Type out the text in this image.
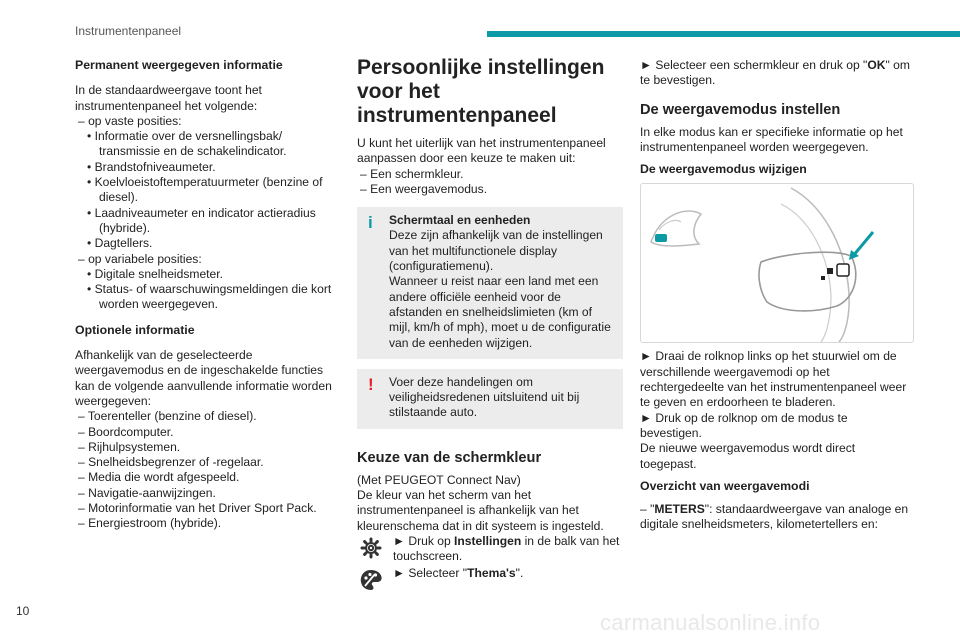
Instrumentenpaneel

Permanent weergegeven informatie

In de standaardweergave toont het instrumentenpaneel het volgende:

– op vaste posities:

• Informatie over de versnellingsbak/ transmissie en de schakelindicator.

• Brandstofniveaumeter.

• Koelvloeistoftemperatuurmeter (benzine of diesel).

• Laadniveaumeter en indicator actieradius (hybride).

• Dagtellers.

– op variabele posities:

• Digitale snelheidsmeter.

• Status- of waarschuwingsmeldingen die kort worden weergegeven.

Optionele informatie

Afhankelijk van de geselecteerde weergavemodus en de ingeschakelde functies kan de volgende aanvullende informatie worden weergegeven:

– Toerenteller (benzine of diesel).

– Boordcomputer.

– Rijhulpsystemen.

– Snelheidsbegrenzer of -regelaar.

– Media die wordt afgespeeld.

– Navigatie-aanwijzingen.

– Motorinformatie van het Driver Sport Pack.

– Energiestroom (hybride).

Persoonlijke instellingen voor het instrumentenpaneel

U kunt het uiterlijk van het instrumentenpaneel aanpassen door een keuze te maken uit:

– Een schermkleur.

– Een weergavemodus.

i Schermtaal en eenheden

Deze zijn afhankelijk van de instellingen van het multifunctionele display (configuratiemenu).

Wanneer u reist naar een land met een andere officiële eenheid voor de afstanden en snelheidslimieten (km of mijl, km/h of mph), moet u de configuratie van de eenheden wijzigen.

! Voer deze handelingen om veiligheidsredenen uitsluitend uit bij stilstaande auto.

Keuze van de schermkleur

(Met PEUGEOT Connect Nav)

De kleur van het scherm van het instrumentenpaneel is afhankelijk van het kleurenschema dat in dit systeem is ingesteld.

► Druk op Instellingen in de balk van het touchscreen.

► Selecteer "Thema's".

► Selecteer een schermkleur en druk op "OK" om te bevestigen.

De weergavemodus instellen

In elke modus kan er specifieke informatie op het instrumentenpaneel worden weergegeven.

De weergavemodus wijzigen

► Draai de rolknop links op het stuurwiel om de verschillende weergavemodi op het rechtergedeelte van het instrumentenpaneel weer te geven en erdoorheen te bladeren.

► Druk op de rolknop om de modus te bevestigen.

De nieuwe weergavemodus wordt direct toegepast.

Overzicht van weergavemodi

– "METERS": standaardweergave van analoge en digitale snelheidsmeters, kilometertellers en:

10	carmanualsonline.info
